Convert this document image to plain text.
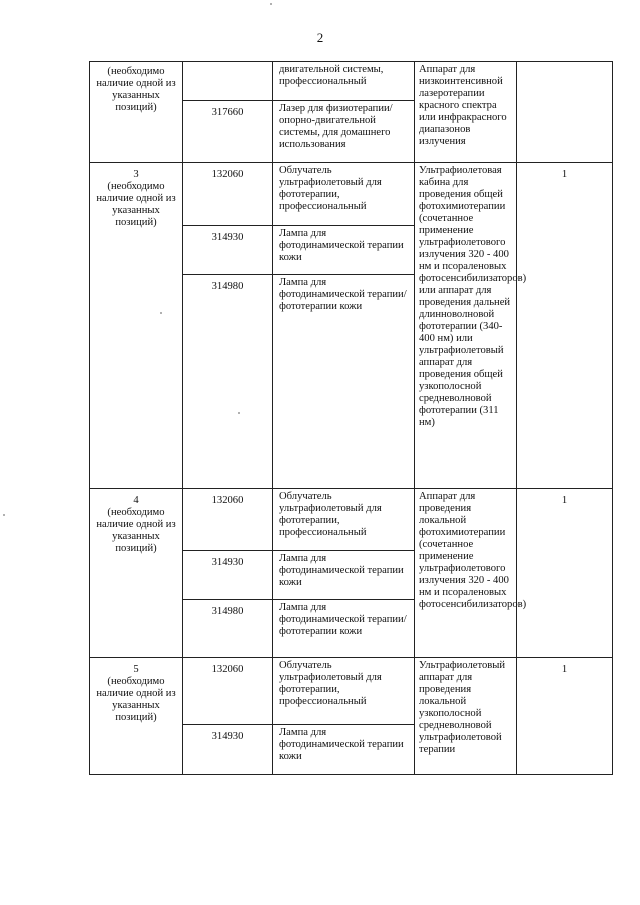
2
(необходимо наличие одной из указанных позиций)		двигательной системы, профессиональный	Аппарат для низкоинтенсивной лазеротерапии красного спектра или инфракрасного диапазонов излучения	
	317660	Лазер для физиотерапии/опорно-двигательной системы, для домашнего использования		

3
(необходимо наличие одной из указанных позиций)	132060	Облучатель ультрафиолетовый для фототерапии, профессиональный	Ультрафиолетовая кабина для проведения общей фотохимиотерапии (сочетанное применение ультрафиолетового излучения 320 - 400 нм и псораленовых фотосенсибилизаторов) или аппарат для проведения дальней длинноволновой фототерапии (340-400 нм) или ультрафиолетовый аппарат для проведения общей узкополосной средневолновой фототерапии (311 нм)	1
	314930	Лампа для фотодинамической терапии кожи		
	314980	Лампа для фотодинамической терапии/фототерапии кожи		

4
(необходимо наличие одной из указанных позиций)	132060	Облучатель ультрафиолетовый для фототерапии, профессиональный	Аппарат для проведения локальной фотохимиотерапии (сочетанное применение ультрафиолетового излучения 320 - 400 нм и псораленовых фотосенсибилизаторов)	1
	314930	Лампа для фотодинамической терапии кожи		
	314980	Лампа для фотодинамической терапии/фототерапии кожи		

5
(необходимо наличие одной из указанных позиций)	132060	Облучатель ультрафиолетовый для фототерапии, профессиональный	Ультрафиолетовый аппарат для проведения локальной узкополосной средневолновой ультрафиолетовой терапии	1
	314930	Лампа для фотодинамической терапии кожи		
